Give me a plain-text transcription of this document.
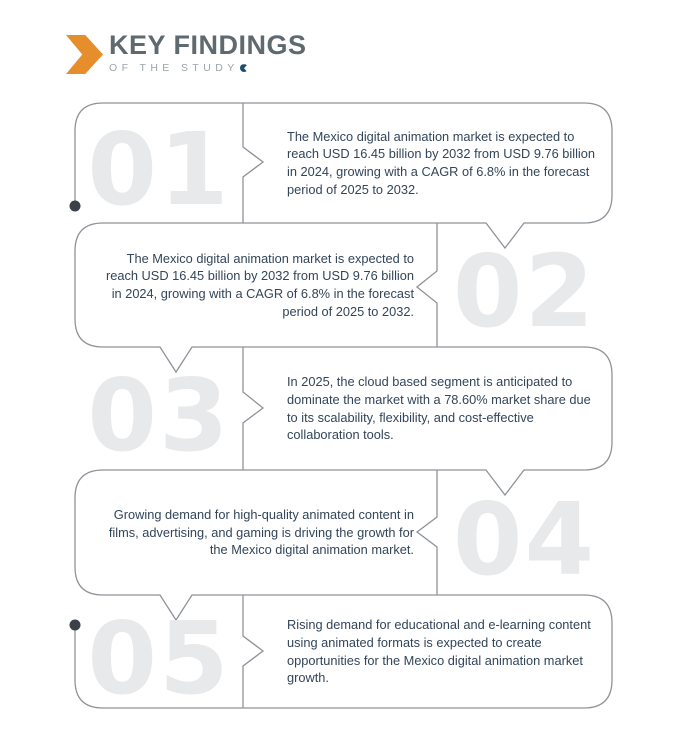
KEY FINDINGS
OF THE STUDY
01	The Mexico digital animation market is expected to reach USD 16.45 billion by 2032 from USD 9.76 billion in 2024, growing with a CAGR of 6.8% in the forecast period of 2025 to 2032.
02
The Mexico digital animation market is expected to reach USD 16.45 billion by 2032 from USD 9.76 billion in 2024, growing with a CAGR of 6.8% in the forecast period of 2025 to 2032.
03	In 2025, the cloud based segment is anticipated to dominate the market with a 78.60% market share due to its scalability, flexibility, and cost-effective collaboration tools.
04
Growing demand for high-quality animated content in films, advertising, and gaming is driving the growth for the Mexico digital animation market.
05	Rising demand for educational and e-learning content using animated formats is expected to create opportunities for the Mexico digital animation market growth.
